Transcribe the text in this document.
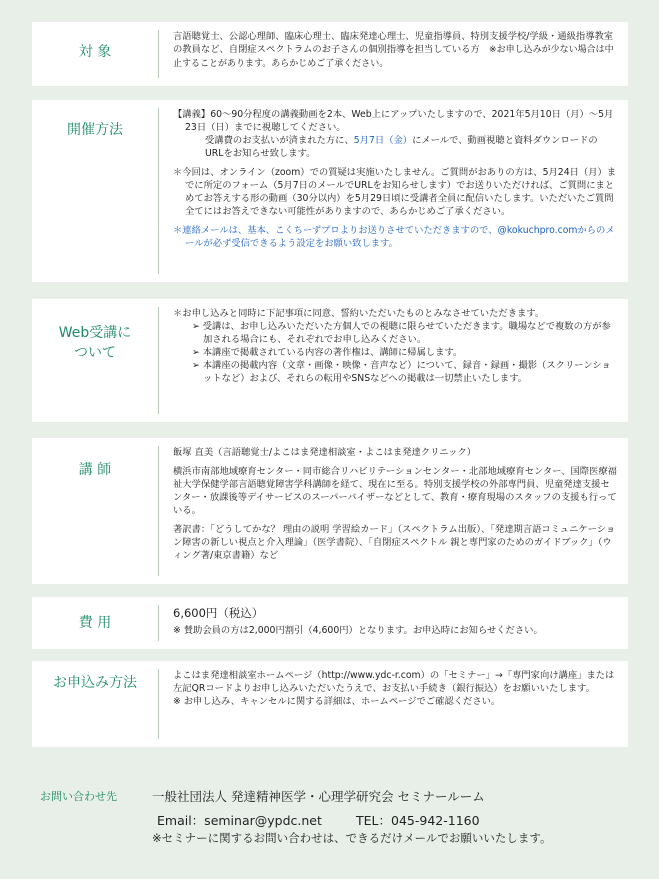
対 象

言語聴覚士、公認心理師、臨床心理士、臨床発達心理士、児童指導員、特別支援学校/学級・通級指導教室の教員など、自閉症スペクトラムのお子さんの個別指導を担当している方　 ※お申し込みが少ない場合は中止することがあります。あらかじめご了承ください。

開催方法

【講義】60～90分程度の講義動画を2本、Web上にアップいたしますので、2021年5月10日（月）～5月23日（日）までに視聴してください。

受講費のお支払いが済まれた方に、5月7日（金）にメールで、動画視聴と資料ダウンロードの URLをお知らせ致します。

＊今回は、オンライン（zoom）での質疑は実施いたしません。ご質問がおありの方は、5月24日（月）までに所定のフォーム（5月7日のメールでURLをお知らせします）でお送りいただければ、ご質問にまとめてお答えする形の動画（30分以内）を5月29日頃に受講者全員に配信いたします。いただいたご質問全てにはお答えできない可能性がありますので、あらかじめご了承ください。

＊連絡メールは、基本、こくちーずプロよりお送りさせていただきますので、@kokuchpro.comからのメールが必ず受信できるよう設定をお願い致します。

Web受講に
ついて

＊お申し込みと同時に下記事項に同意、誓約いただいたものとみなさせていただきます。

➢ 受講は、お申し込みいただいた方個人での視聴に限らせていただきます。職場などで複数の方が参加される場合にも、それぞれでお申し込みください。

➢ 本講座で掲載されている内容の著作権は、講師に帰属します。

➢ 本講座の掲載内容（文章・画像・映像・音声など）について、録音・録画・撮影（スクリーンショットなど）および、それらの転用やSNSなどへの掲載は一切禁止いたします。

講 師

飯塚 直美（言語聴覚士/よこはま発達相談室・よこはま発達クリニック）

横浜市南部地域療育センター・同市総合リハビリテーションセンター・北部地域療育センター、国際医療福祉大学保健学部言語聴覚障害学科講師を経て、現在に至る。特別支援学校の外部専門員、児童発達支援センター・放課後等デイサービスのスーパーバイザーなどとして、教育・療育現場のスタッフの支援も行っている。

著訳書：「どうしてかな？ 理由の説明 学習絵カード」（スペクトラム出版）、「発達期言語コミュニケーション障害の新しい視点と介入理論」（医学書院）、「自閉症スペクトル 親と専門家のためのガイドブック」（ウィング著/東京書籍）など

費 用

6,600円（税込）

※ 賛助会員の方は2,000円割引（4,600円）となります。お申込時にお知らせください。

お申込み方法	よこはま発達相談室ホームページ（http://www.ydc-r.com）の「セミナー」→「専門家向け講座」または左記QRコードよりお申し込みいただいたうえで、お支払い手続き（銀行振込）をお願いいたします。

※ お申し込み、キャンセルに関する詳細は、ホームページでご確認ください。

お問い合わせ先	一般社団法人 発達精神医学・心理学研究会 セミナールーム
Email：seminar@ypdc.net	TEL：045-942-1160
※セミナーに関するお問い合わせは、できるだけメールでお願いいたします。
